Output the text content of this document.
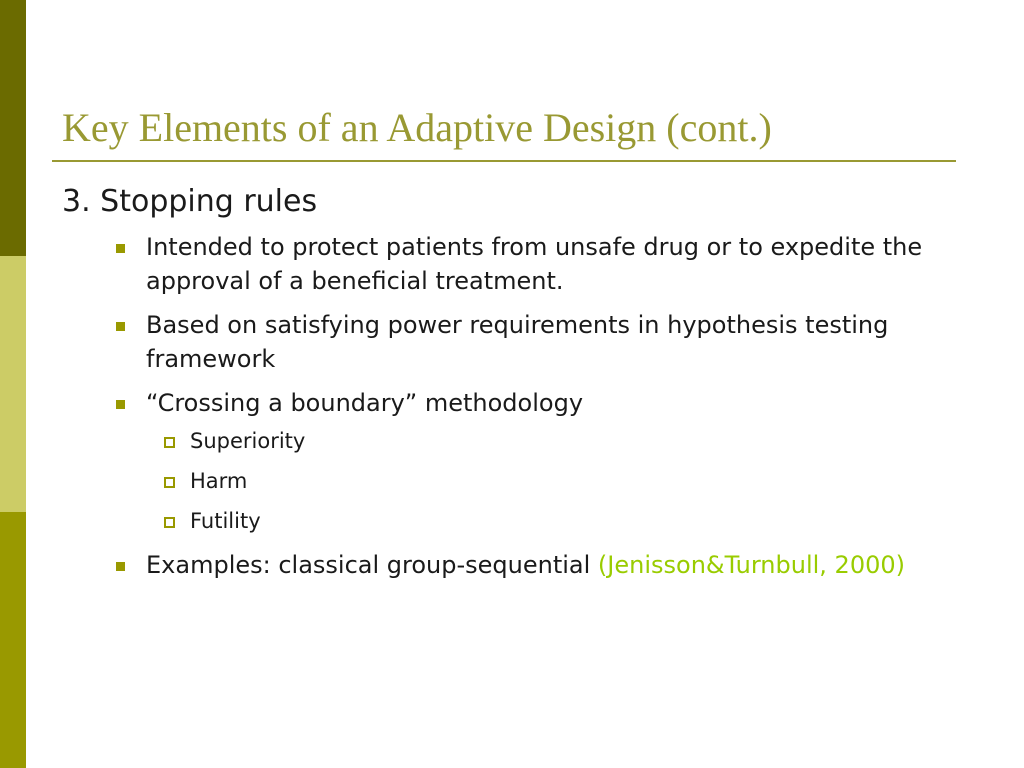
Key Elements of an Adaptive Design (cont.)

3. Stopping rules

Intended to protect patients from unsafe drug or to expedite the approval of a beneficial treatment.
Based on satisfying power requirements in hypothesis testing framework
“Crossing a boundary” methodology
Superiority
Harm
Futility
Examples: classical group-sequential (Jenisson&Turnbull, 2000)
